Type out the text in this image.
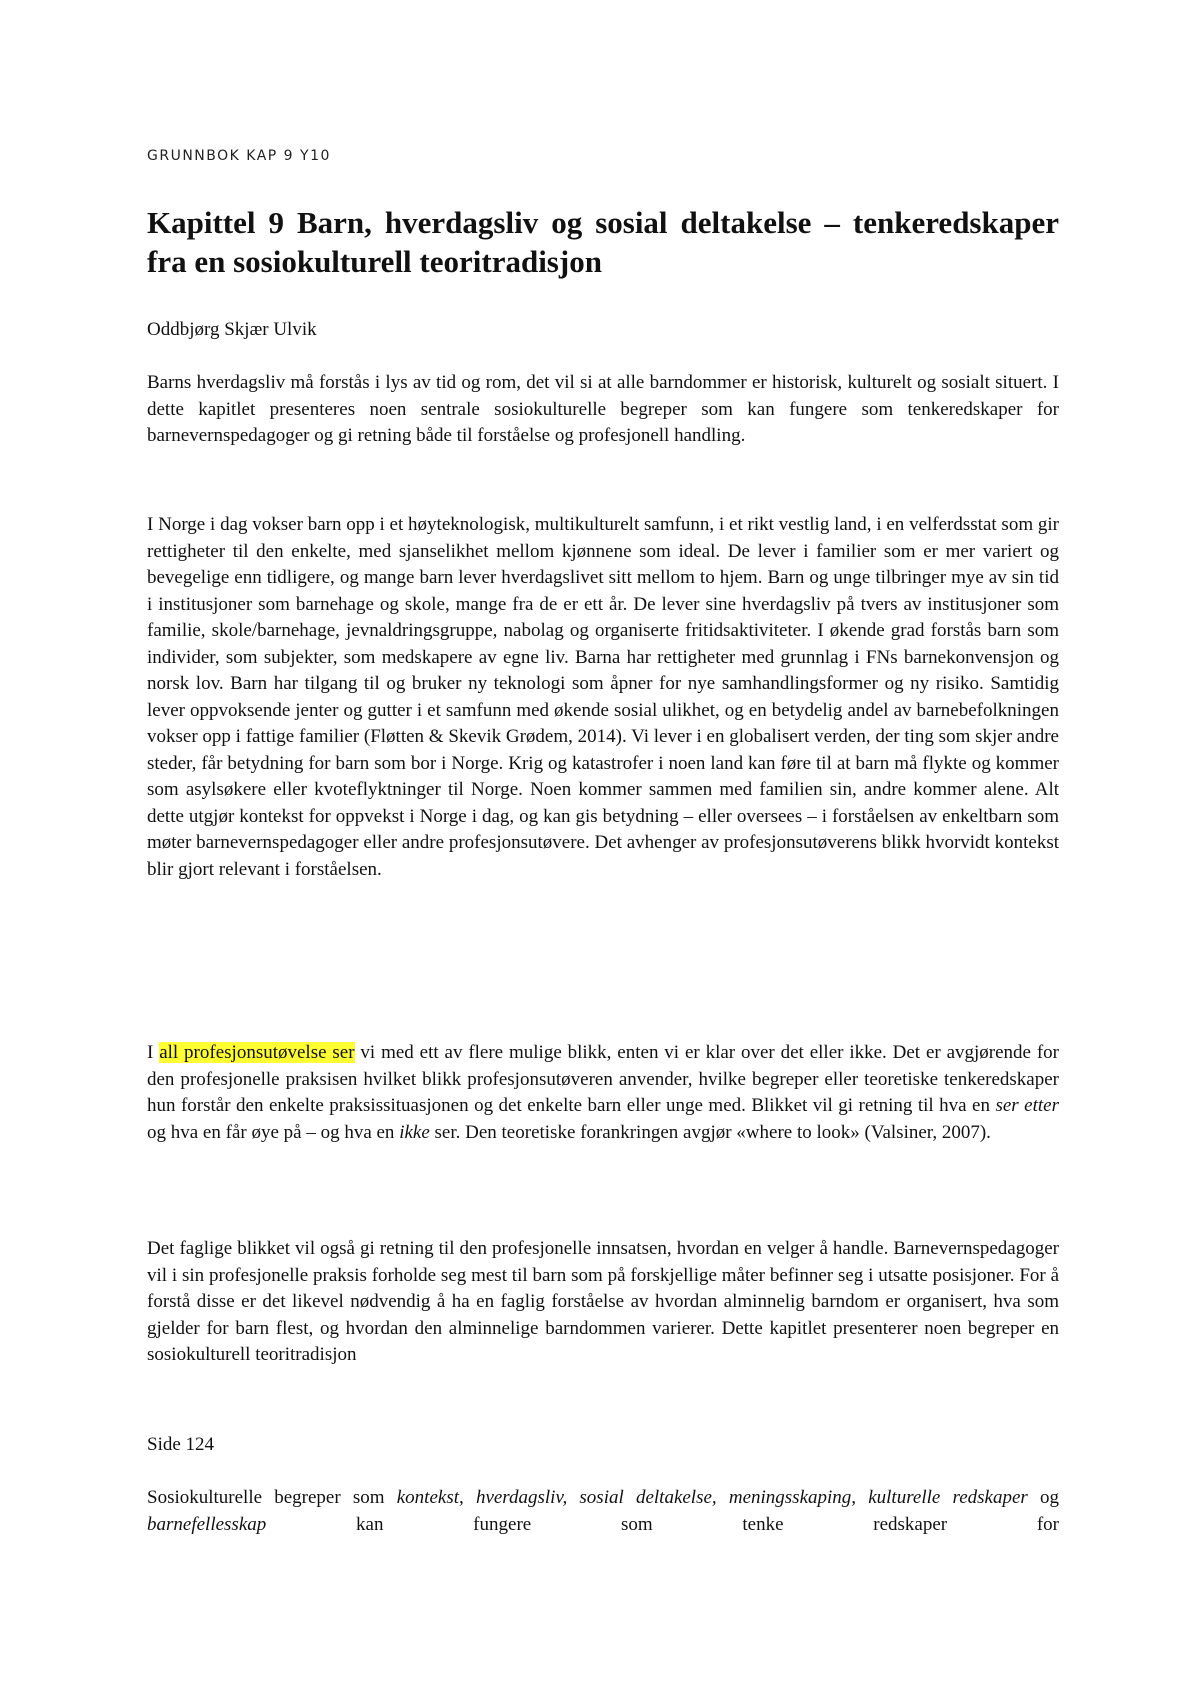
GRUNNBOK KAP 9 Y10
Kapittel 9 Barn, hverdagsliv og sosial deltakelse – tenkeredskaper fra en sosiokulturell teoritradisjon
Oddbjørg Skjær Ulvik

Barns hverdagsliv må forstås i lys av tid og rom, det vil si at alle barndommer er historisk, kulturelt og sosialt situert. I dette kapitlet presenteres noen sentrale sosiokulturelle begreper som kan fungere som tenkeredskaper for barnevernspedagoger og gi retning både til forståelse og profesjonell handling.

I Norge i dag vokser barn opp i et høyteknologisk, multikulturelt samfunn, i et rikt vestlig land, i en velferdsstat som gir rettigheter til den enkelte, med sjanselikhet mellom kjønnene som ideal. De lever i familier som er mer variert og bevegelige enn tidligere, og mange barn lever hverdagslivet sitt mellom to hjem. Barn og unge tilbringer mye av sin tid i institusjoner som barnehage og skole, mange fra de er ett år. De lever sine hverdagsliv på tvers av institusjoner som familie, skole/barnehage, jevnaldringsgruppe, nabolag og organiserte fritidsaktiviteter. I økende grad forstås barn som individer, som subjekter, som medskapere av egne liv. Barna har rettigheter med grunnlag i FNs barnekonvensjon og norsk lov. Barn har tilgang til og bruker ny teknologi som åpner for nye samhandlingsformer og ny risiko. Samtidig lever oppvoksende jenter og gutter i et samfunn med økende sosial ulikhet, og en betydelig andel av barnebefolkningen vokser opp i fattige familier (Fløtten & Skevik Grødem, 2014). Vi lever i en globalisert verden, der ting som skjer andre steder, får betydning for barn som bor i Norge. Krig og katastrofer i noen land kan føre til at barn må flykte og kommer som asylsøkere eller kvoteflyktninger til Norge. Noen kommer sammen med familien sin, andre kommer alene. Alt dette utgjør kontekst for oppvekst i Norge i dag, og kan gis betydning – eller oversees – i forståelsen av enkeltbarn som møter barnevernspedagoger eller andre profesjonsutøvere. Det avhenger av profesjonsutøverens blikk hvorvidt kontekst blir gjort relevant i forståelsen.

I all profesjonsutøvelse ser vi med ett av flere mulige blikk, enten vi er klar over det eller ikke. Det er avgjørende for den profesjonelle praksisen hvilket blikk profesjonsutøveren anvender, hvilke begreper eller teoretiske tenkeredskaper hun forstår den enkelte praksissituasjonen og det enkelte barn eller unge med. Blikket vil gi retning til hva en ser etter og hva en får øye på – og hva en ikke ser. Den teoretiske forankringen avgjør «where to look» (Valsiner, 2007).

Det faglige blikket vil også gi retning til den profesjonelle innsatsen, hvordan en velger å handle. Barnevernspedagoger vil i sin profesjonelle praksis forholde seg mest til barn som på forskjellige måter befinner seg i utsatte posisjoner. For å forstå disse er det likevel nødvendig å ha en faglig forståelse av hvordan alminnelig barndom er organisert, hva som gjelder for barn flest, og hvordan den alminnelige barndommen varierer. Dette kapitlet presenterer noen begreper en sosiokulturell teoritradisjon

Side 124

Sosiokulturelle begreper som kontekst, hverdagsliv, sosial deltakelse, meningsskaping, kulturelle redskaper og barnefellesskap kan fungere som tenke redskaper for
